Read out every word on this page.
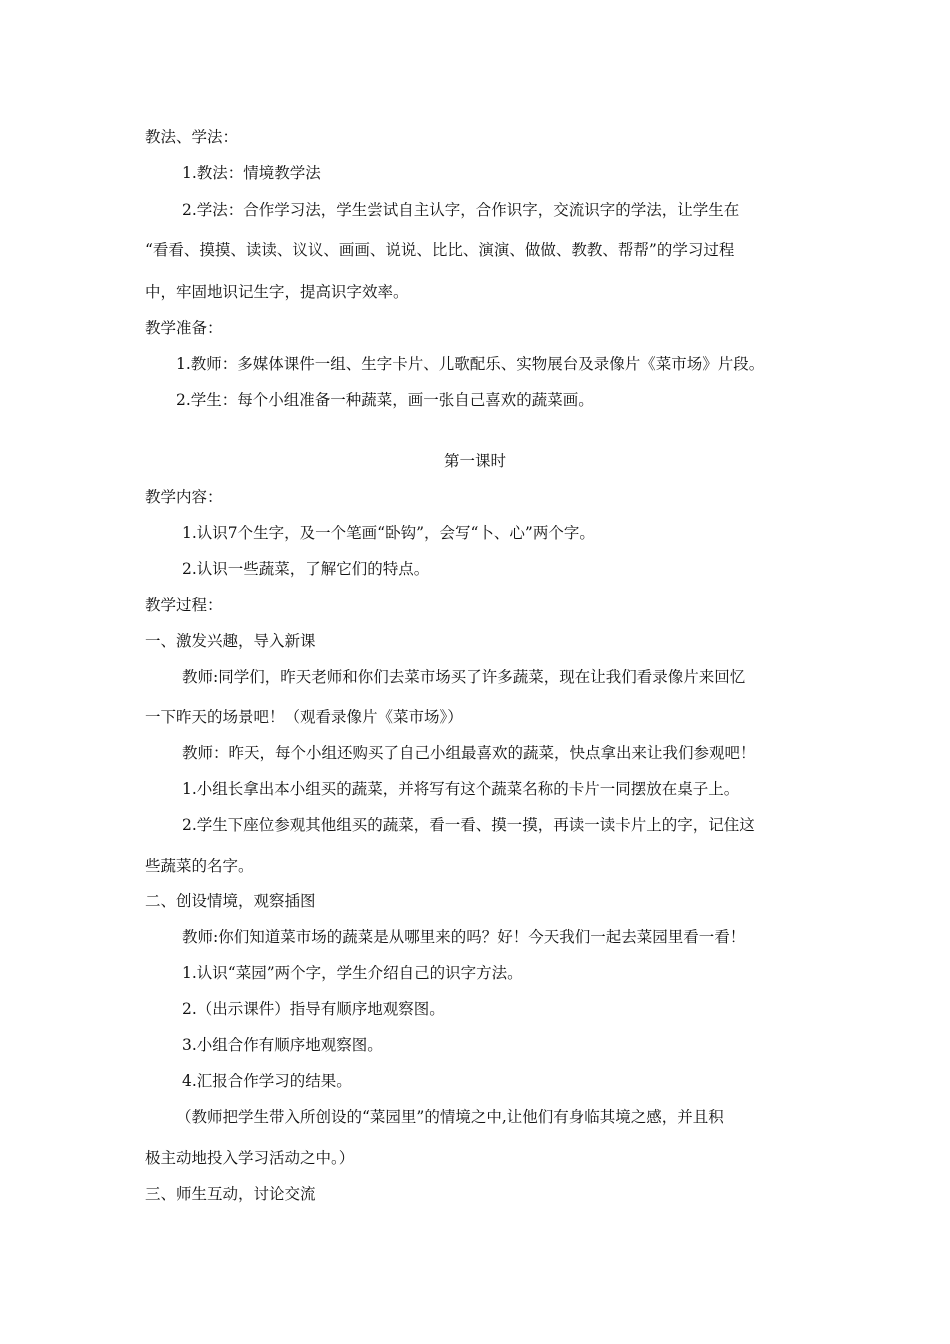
教法、学法：
1.教法：情境教学法
2.学法：合作学习法，学生尝试自主认字，合作识字，交流识字的学法，让学生在
“看看、摸摸、读读、议议、画画、说说、比比、演演、做做、教教、帮帮”的学习过程
中，牢固地识记生字，提高识字效率。
教学准备：
1.教师：多媒体课件一组、生字卡片、儿歌配乐、实物展台及录像片《菜市场》片段。
2.学生：每个小组准备一种蔬菜，画一张自己喜欢的蔬菜画。
第一课时
教学内容：
1.认识7个生字，及一个笔画“卧钩”，会写“卜、心”两个字。
2.认识一些蔬菜，了解它们的特点。
教学过程：
一、激发兴趣，导入新课
教师:同学们，昨天老师和你们去菜市场买了许多蔬菜，现在让我们看录像片来回忆
一下昨天的场景吧！（观看录像片《菜市场》）
教师：昨天，每个小组还购买了自己小组最喜欢的蔬菜，快点拿出来让我们参观吧！
1.小组长拿出本小组买的蔬菜，并将写有这个蔬菜名称的卡片一同摆放在桌子上。
2.学生下座位参观其他组买的蔬菜，看一看、摸一摸，再读一读卡片上的字，记住这
些蔬菜的名字。
二、创设情境，观察插图
教师:你们知道菜市场的蔬菜是从哪里来的吗？好！今天我们一起去菜园里看一看！
1.认识“菜园”两个字，学生介绍自己的识字方法。
2.（出示课件）指导有顺序地观察图。
3.小组合作有顺序地观察图。
4.汇报合作学习的结果。
（教师把学生带入所创设的“菜园里”的情境之中,让他们有身临其境之感，并且积
极主动地投入学习活动之中。）
三、师生互动，讨论交流
